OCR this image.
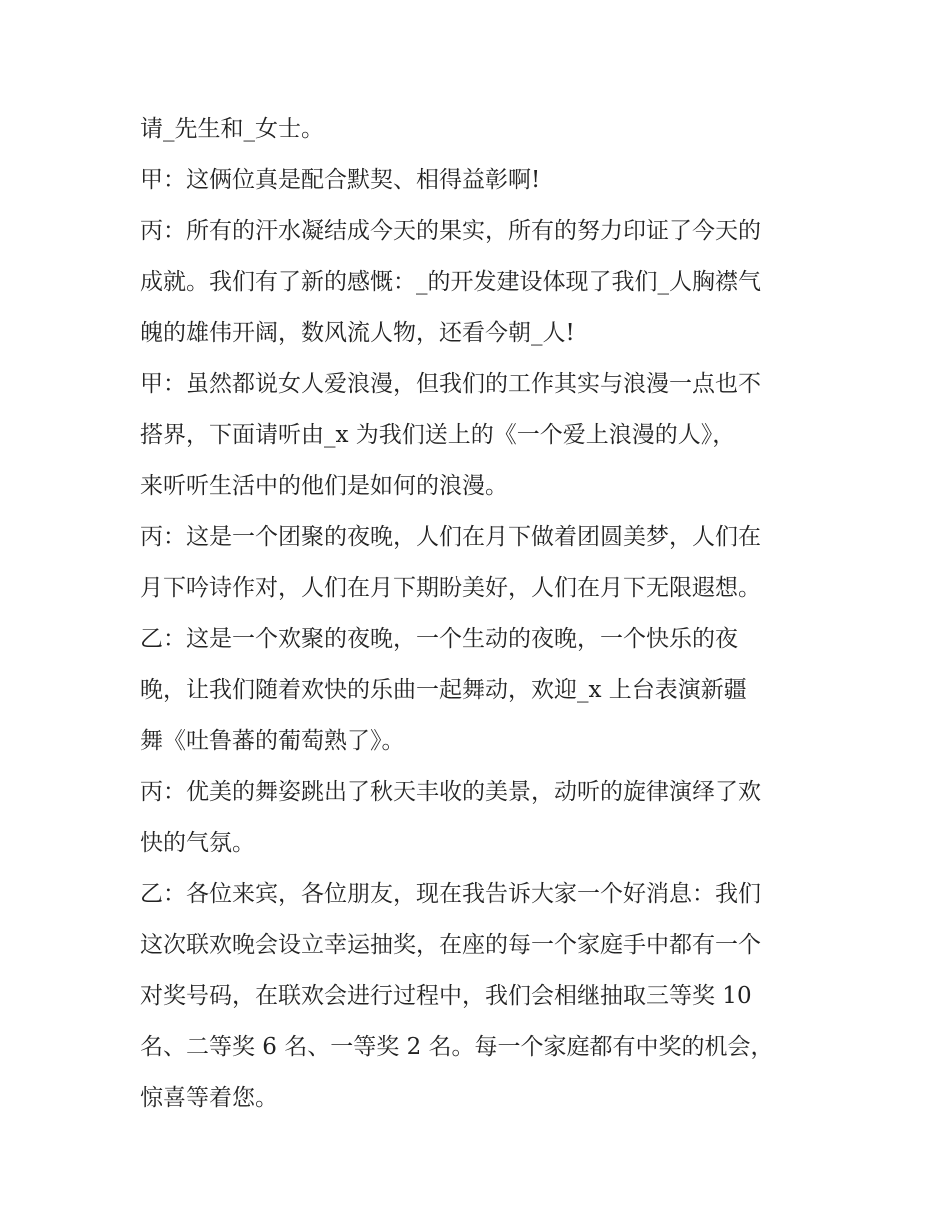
请_先生和_女士。
甲：这俩位真是配合默契、相得益彰啊!
丙：所有的汗水凝结成今天的果实，所有的努力印证了今天的
成就。我们有了新的感慨：_的开发建设体现了我们_人胸襟气
魄的雄伟开阔，数风流人物，还看今朝_人!
甲：虽然都说女人爱浪漫，但我们的工作其实与浪漫一点也不
搭界，下面请听由_x 为我们送上的《一个爱上浪漫的人》，
来听听生活中的他们是如何的浪漫。
丙：这是一个团聚的夜晚，人们在月下做着团圆美梦，人们在
月下吟诗作对，人们在月下期盼美好，人们在月下无限遐想。
乙：这是一个欢聚的夜晚，一个生动的夜晚，一个快乐的夜
晚，让我们随着欢快的乐曲一起舞动，欢迎_x 上台表演新疆
舞《吐鲁蕃的葡萄熟了》。
丙：优美的舞姿跳出了秋天丰收的美景，动听的旋律演绎了欢
快的气氛。
乙：各位来宾，各位朋友，现在我告诉大家一个好消息：我们
这次联欢晚会设立幸运抽奖，在座的每一个家庭手中都有一个
对奖号码，在联欢会进行过程中，我们会相继抽取三等奖 10
名、二等奖 6 名、一等奖 2 名。每一个家庭都有中奖的机会，
惊喜等着您。
